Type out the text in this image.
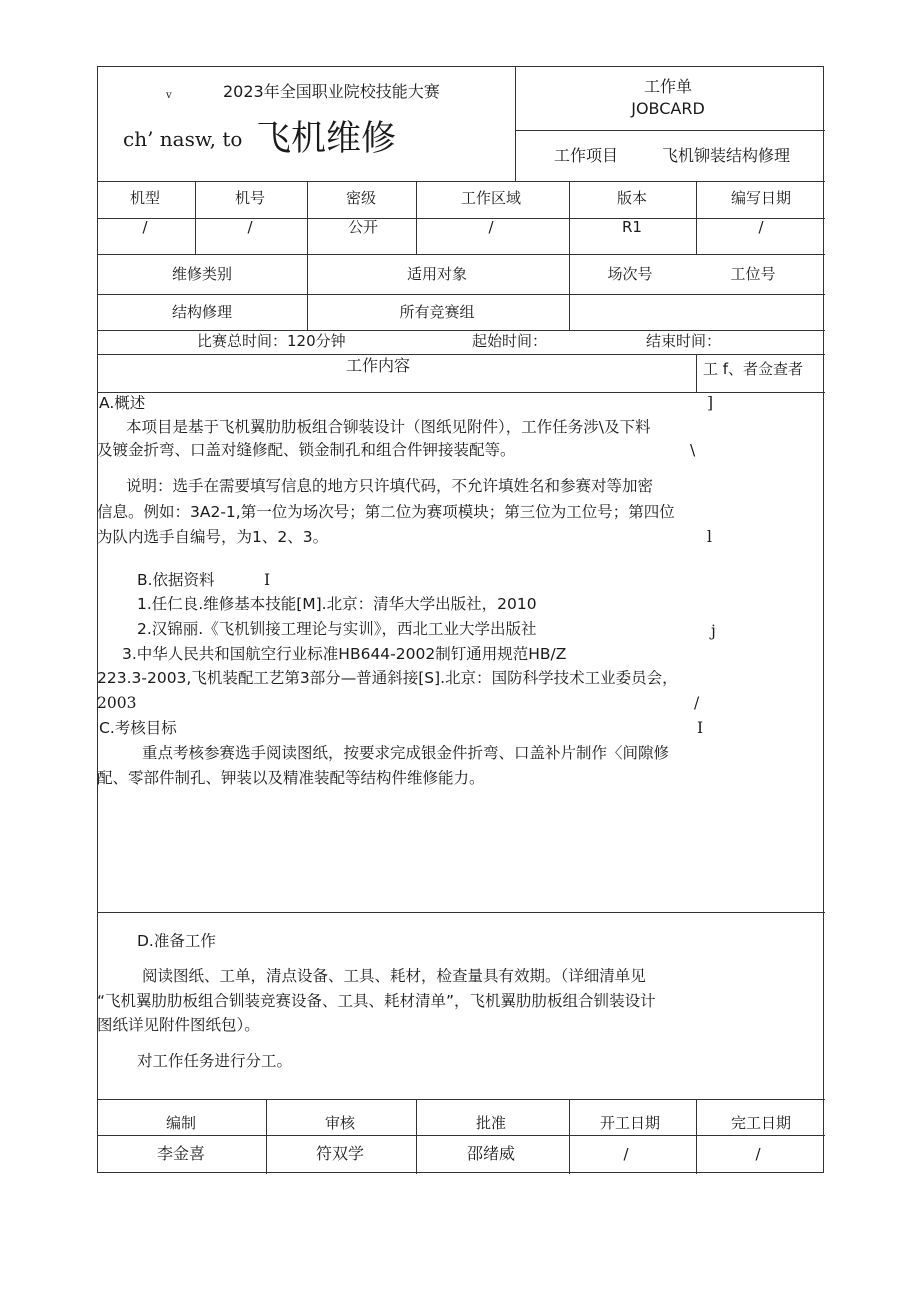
v	2023年全国职业院校技能大赛
ch’ nasw, to 飞机维修
工作单
JOBCARD
工作项目	飞机铆装结构修理
机型	机号	密级	工作区域	版本	编写日期
/	/	公开	/	R1	/
维修类别	适用对象	场次号	工位号
结构修理	所有竞赛组
比赛总时间：120分钟	起始时间：	结束时间：
工作内容	工 f、者佥查者
A.概述	]
本项目是基于飞机翼肋肋板组合铆装设计（图纸见附件），工作任务涉\及下料
及镀金折弯、口盖对缝修配、锁金制孔和组合件钾接装配等。	\
说明：选手在需要填写信息的地方只许填代码，不允许填姓名和参赛对等加密
信息。例如：3A2-1,第一位为场次号；第二位为赛项模块；第三位为工位号；第四位
为队内选手自编号，为1、2、3。	l
B.依据资料	I
1.任仁良.维修基本技能[M].北京：清华大学出版社，2010
2.汉锦丽.《飞机钏接工理论与实训》，西北工业大学出版社	j
3.中华人民共和国航空行业标准HB644-2002制钉通用规范HB/Z
223.3-2003,飞机装配工艺第3部分—普通斜接[S].北京：国防科学技术工业委员会，
2003	/
C.考核目标	I
重点考核参赛选手阅读图纸，按要求完成银金件折弯、口盖补片制作〈间隙修
配、零部件制孔、钾装以及精准装配等结构件维修能力。
D.准备工作
阅读图纸、工单，清点设备、工具、耗材，检查量具有效期。（详细清单见
“飞机翼肋肋板组合钏装竞赛设备、工具、耗材清单”，飞机翼肋肋板组合钏装设计
图纸详见附件图纸包）。
对工作任务进行分工。
编制	审核	批准	开工日期	完工日期
李金喜	符双学	邵绪威	/	/
